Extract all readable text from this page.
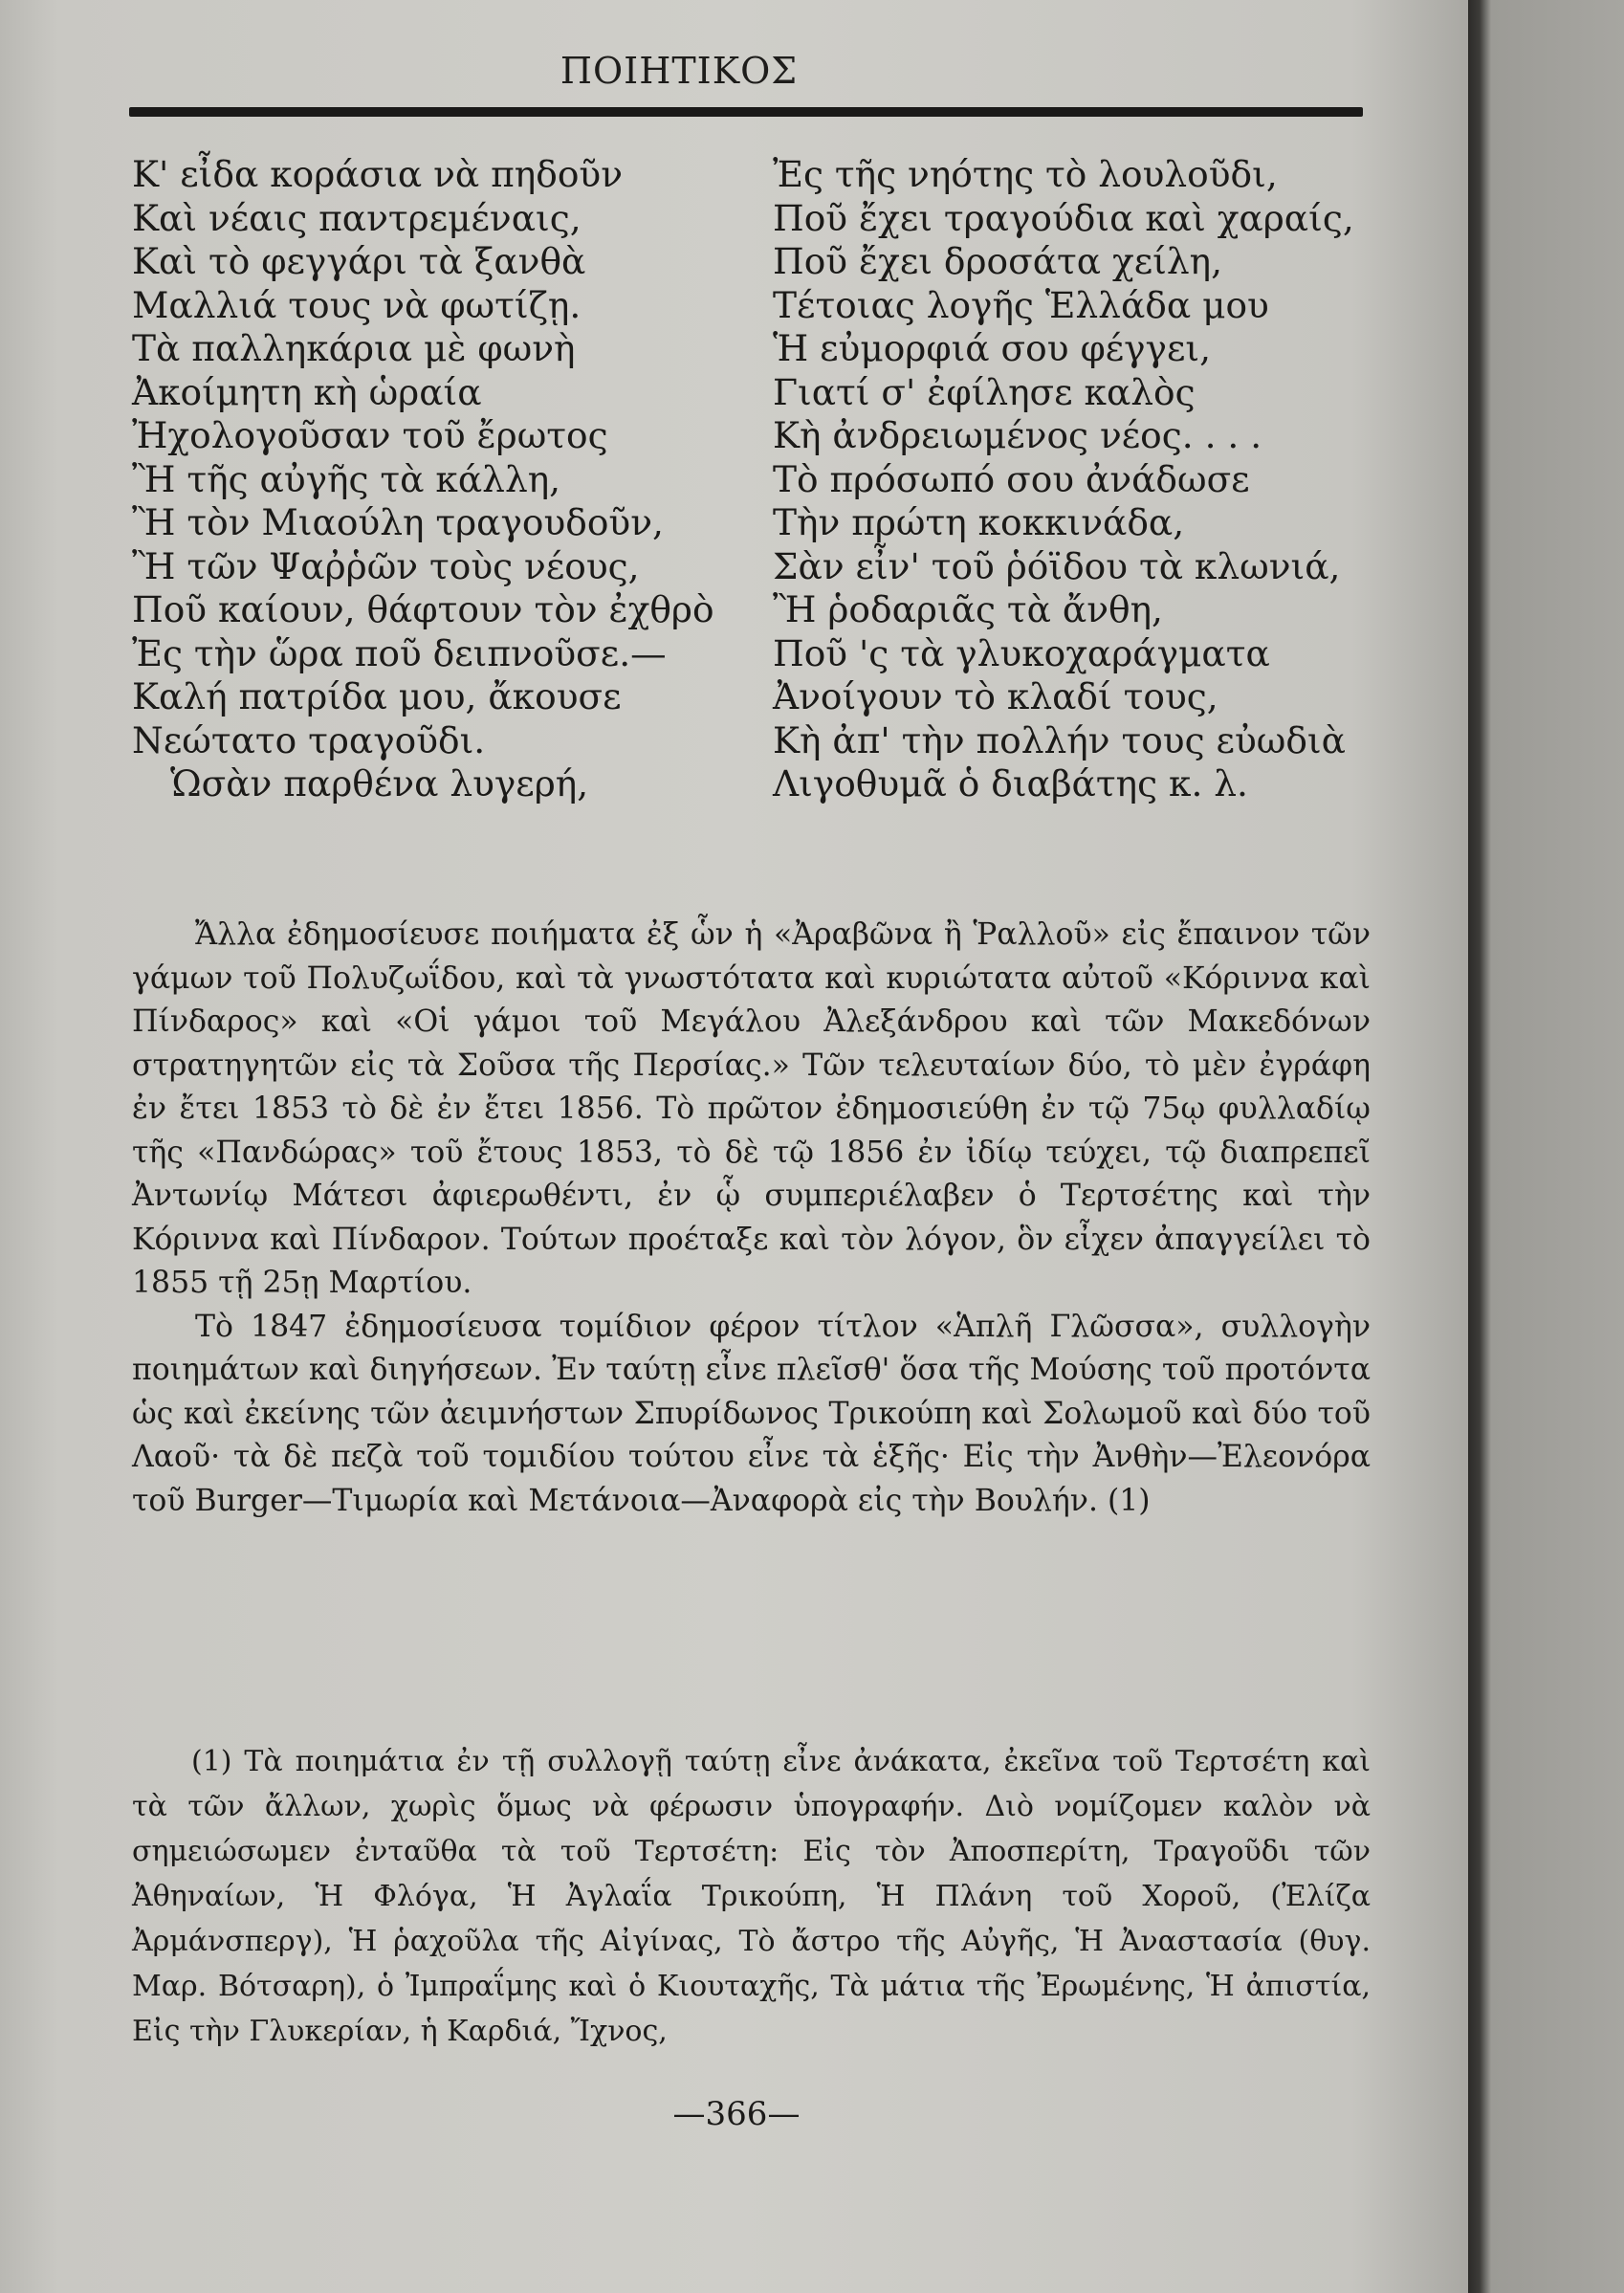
ΠΟΙΗΤΙΚΟΣ
Κ' εἶδα κοράσια νὰ πηδοῦν
Καὶ νέαις παντρεμέναις,
Καὶ τὸ φεγγάρι τὰ ξανθὰ
Μαλλιά τους νὰ φωτίζῃ.
Τὰ παλληκάρια μὲ φωνὴ
Ἀκοίμητη κὴ ὡραία
Ἠχολογοῦσαν τοῦ ἔρωτος
Ἢ τῆς αὐγῆς τὰ κάλλη,
Ἢ τὸν Μιαούλη τραγουδοῦν,
Ἢ τῶν Ψαῤῥῶν τοὺς νέους,
Ποῦ καίουν, θάφτουν τὸν ἐχθρὸ
Ἐς τὴν ὥρα ποῦ δειπνοῦσε.—
Καλή πατρίδα μου, ἄκουσε
Νεώτατο τραγοῦδι.
Ὡσὰν παρθένα λυγερή,
Ἐς τῆς νηότης τὸ λουλοῦδι,
Ποῦ ἔχει τραγούδια καὶ χαραίς,
Ποῦ ἔχει δροσάτα χείλη,
Τέτοιας λογῆς Ἑλλάδα μου
Ἡ εὐμορφιά σου φέγγει,
Γιατί σ' ἐφίλησε καλὸς
Κὴ ἀνδρειωμένος νέος. . . .
Τὸ πρόσωπό σου ἀνάδωσε
Τὴν πρώτη κοκκινάδα,
Σὰν εἶν' τοῦ ῥόϊδου τὰ κλωνιά,
Ἢ ῥοδαριᾶς τὰ ἄνθη,
Ποῦ 'ς τὰ γλυκοχαράγματα
Ἀνοίγουν τὸ κλαδί τους,
Κὴ ἀπ' τὴν πολλήν τους εὐωδιὰ
Λιγοθυμᾶ ὁ διαβάτης κ. λ.
Ἄλλα ἐδημοσίευσε ποιήματα ἐξ ὧν ἡ «Ἀραβῶνα ἢ Ῥαλλοῦ» εἰς ἔπαινον τῶν γάμων τοῦ Πολυζωΐδου, καὶ τὰ γνωστότατα καὶ κυριώτατα αὐτοῦ «Κόριννα καὶ Πίνδαρος» καὶ «Οἱ γάμοι τοῦ Μεγάλου Ἀλεξάνδρου καὶ τῶν Μακεδόνων στρατηγητῶν εἰς τὰ Σοῦσα τῆς Περσίας.» Τῶν τελευταίων δύο, τὸ μὲν ἐγράφη ἐν ἔτει 1853 τὸ δὲ ἐν ἔτει 1856. Τὸ πρῶτον ἐδημοσιεύθη ἐν τῷ 75ῳ φυλλαδίῳ τῆς «Πανδώρας» τοῦ ἔτους 1853, τὸ δὲ τῷ 1856 ἐν ἰδίῳ τεύχει, τῷ διαπρεπεῖ Ἀντωνίῳ Μάτεσι ἀφιερωθέντι, ἐν ᾧ συμπεριέλαβεν ὁ Τερτσέτης καὶ τὴν Κόριννα καὶ Πίνδαρον. Τούτων προέταξε καὶ τὸν λόγον, ὃν εἶχεν ἀπαγγείλει τὸ 1855 τῇ 25ῃ Μαρτίου.
Τὸ 1847 ἐδημοσίευσα τομίδιον φέρον τίτλον «Ἁπλῆ Γλῶσσα», συλλογὴν ποιημάτων καὶ διηγήσεων. Ἐν ταύτῃ εἶνε πλεῖσθ' ὅσα τῆς Μούσης τοῦ προτόντα ὡς καὶ ἐκείνης τῶν ἀειμνήστων Σπυρίδωνος Τρικούπη καὶ Σολωμοῦ καὶ δύο τοῦ Λαοῦ· τὰ δὲ πεζὰ τοῦ τομιδίου τούτου εἶνε τὰ ἑξῆς· Εἰς τὴν Ἀνθὴν—Ἐλεονόρα τοῦ Burger—Τιμωρία καὶ Μετάνοια—Ἀναφορὰ εἰς τὴν Βουλήν. (1)
(1) Τὰ ποιημάτια ἐν τῇ συλλογῇ ταύτῃ εἶνε ἀνάκατα, ἐκεῖνα τοῦ Τερτσέτη καὶ τὰ τῶν ἄλλων, χωρὶς ὅμως νὰ φέρωσιν ὑπογραφήν. Διὸ νομίζομεν καλὸν νὰ σημειώσωμεν ἐνταῦθα τὰ τοῦ Τερτσέτη: Εἰς τὸν Ἀποσπερίτη, Τραγοῦδι τῶν Ἀθηναίων, Ἡ Φλόγα, Ἡ Ἀγλαΐα Τρικούπη, Ἡ Πλάνη τοῦ Χοροῦ, (Ἐλίζα Ἀρμάνσπεργ), Ἡ ῥαχοῦλα τῆς Αἰγίνας, Τὸ ἄστρο τῆς Αὐγῆς, Ἡ Ἀναστασία (θυγ. Μαρ. Βότσαρη), ὁ Ἰμπραΐμης καὶ ὁ Κιουταχῆς, Τὰ μάτια τῆς Ἐρωμένης, Ἡ ἀπιστία, Εἰς τὴν Γλυκερίαν, ἡ Καρδιά, Ἴχνος,
—366—
